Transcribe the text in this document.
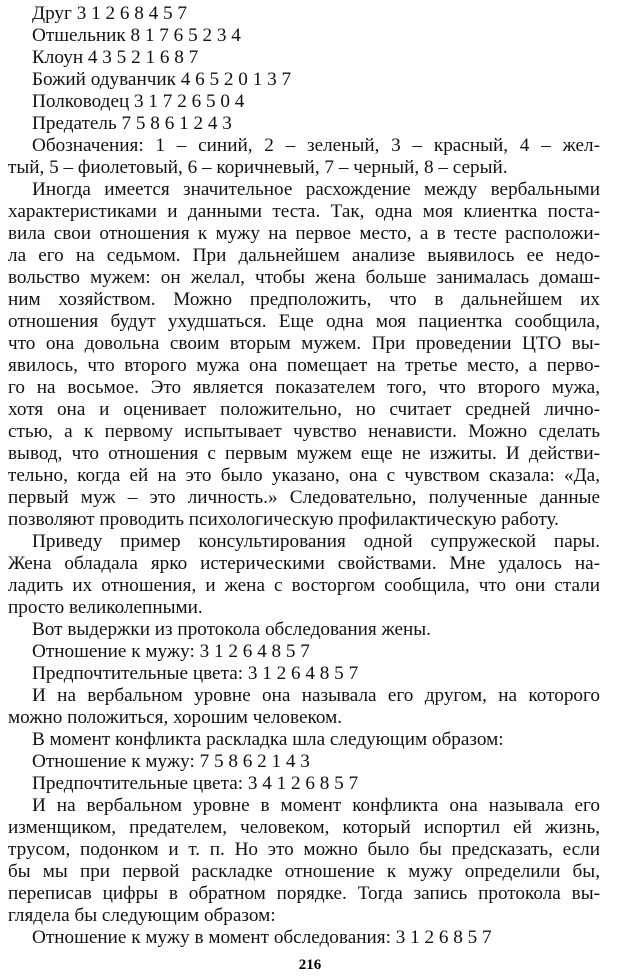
Друг 3 1 2 6 8 4 5 7
Отшельник 8 1 7 6 5 2 3 4
Клоун 4 3 5 2 1 6 8 7
Божий одуванчик 4 6 5 2 0 1 3 7
Полководец 3 1 7 2 6 5 0 4
Предатель 7 5 8 6 1 2 4 3
Обозначения: 1 – синий, 2 – зеленый, 3 – красный, 4 – жел-
тый, 5 – фиолетовый, 6 – коричневый, 7 – черный, 8 – серый.
Иногда имеется значительное расхождение между вербальными
характеристиками и данными теста. Так, одна моя клиентка поста-
вила свои отношения к мужу на первое место, а в тесте расположи-
ла его на седьмом. При дальнейшем анализе выявилось ее недо-
вольство мужем: он желал, чтобы жена больше занималась домаш-
ним хозяйством. Можно предположить, что в дальнейшем их
отношения будут ухудшаться. Еще одна моя пациентка сообщила,
что она довольна своим вторым мужем. При проведении ЦТО вы-
явилось, что второго мужа она помещает на третье место, а перво-
го на восьмое. Это является показателем того, что второго мужа,
хотя она и оценивает положительно, но считает средней лично-
стью, а к первому испытывает чувство ненависти. Можно сделать
вывод, что отношения с первым мужем еще не изжиты. И действи-
тельно, когда ей на это было указано, она с чувством сказала: «Да,
первый муж – это личность.» Следовательно, полученные данные
позволяют проводить психологическую профилактическую работу.
Приведу пример консультирования одной супружеской пары.
Жена обладала ярко истерическими свойствами. Мне удалось на-
ладить их отношения, и жена с восторгом сообщила, что они стали
просто великолепными.
Вот выдержки из протокола обследования жены.
Отношение к мужу: 3 1 2 6 4 8 5 7
Предпочтительные цвета: 3 1 2 6 4 8 5 7
И на вербальном уровне она называла его другом, на которого
можно положиться, хорошим человеком.
В момент конфликта раскладка шла следующим образом:
Отношение к мужу: 7 5 8 6 2 1 4 3
Предпочтительные цвета: 3 4 1 2 6 8 5 7
И на вербальном уровне в момент конфликта она называла его
изменщиком, предателем, человеком, который испортил ей жизнь,
трусом, подонком и т. п. Но это можно было бы предсказать, если
бы мы при первой раскладке отношение к мужу определили бы,
переписав цифры в обратном порядке. Тогда запись протокола вы-
глядела бы следующим образом:
Отношение к мужу в момент обследования: 3 1 2 6 8 5 7
216
